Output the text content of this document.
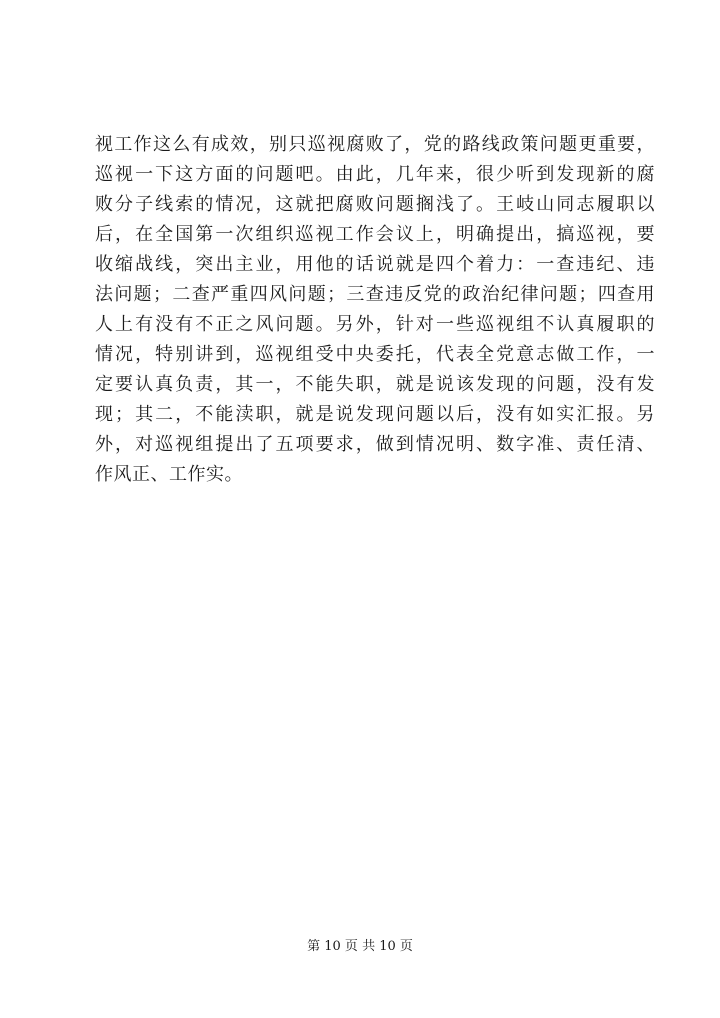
视工作这么有成效，别只巡视腐败了，党的路线政策问题更重要，
巡视一下这方面的问题吧。由此，几年来，很少听到发现新的腐
败分子线索的情况，这就把腐败问题搁浅了。王岐山同志履职以
后，在全国第一次组织巡视工作会议上，明确提出，搞巡视，要
收缩战线，突出主业，用他的话说就是四个着力：一查违纪、违
法问题；二查严重四风问题；三查违反党的政治纪律问题；四查用
人上有没有不正之风问题。另外，针对一些巡视组不认真履职的
情况，特别讲到，巡视组受中央委托，代表全党意志做工作，一
定要认真负责，其一，不能失职，就是说该发现的问题，没有发
现；其二，不能渎职，就是说发现问题以后，没有如实汇报。另
外，对巡视组提出了五项要求，做到情况明、数字准、责任清、
作风正、工作实。
第 10 页 共 10 页
